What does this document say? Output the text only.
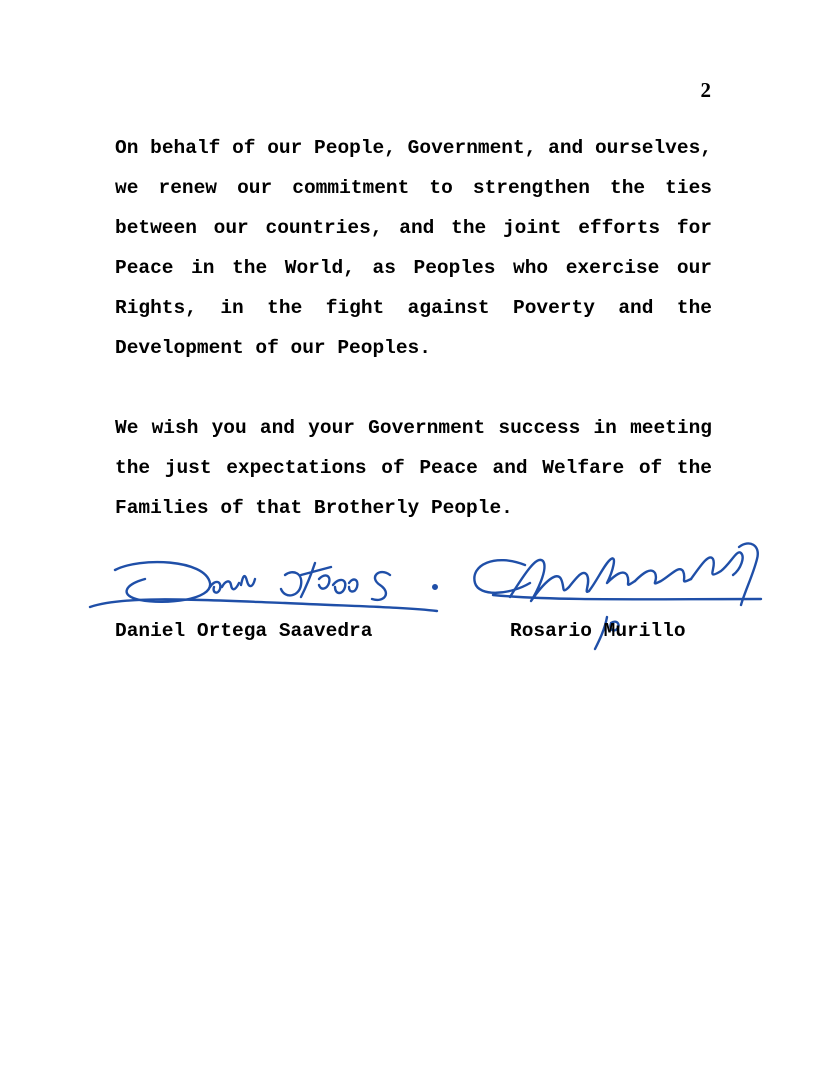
2

On behalf of our People, Government, and ourselves, we renew our commitment to strengthen the ties between our countries, and the joint efforts for Peace in the World, as Peoples who exercise our Rights, in the fight against Poverty and the Development of our Peoples.

We wish you and your Government success in meeting the just expectations of Peace and Welfare of the Families of that Brotherly People.

Daniel Ortega Saavedra	Rosario Murillo
